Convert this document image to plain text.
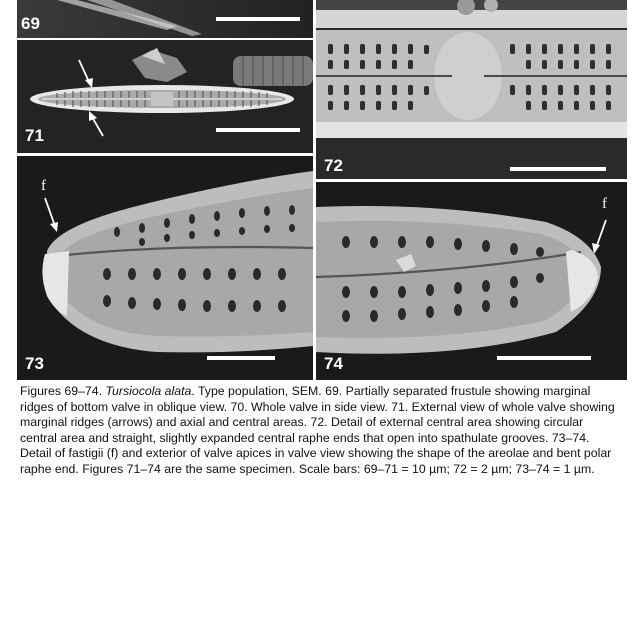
69
71
72
f
73
f
74
Figures 69–74. Tursiocola alata. Type population, SEM. 69. Partially separated frustule showing marginal ridges of bottom valve in oblique view. 70. Whole valve in side view. 71. External view of whole valve showing marginal ridges (arrows) and axial and central areas. 72. Detail of external central area showing circular central area and straight, slightly expanded central raphe ends that open into spathulate grooves. 73–74. Detail of fastigii (f) and exterior of valve apices in valve view showing the shape of the areolae and bent polar raphe end. Figures 71–74 are the same specimen. Scale bars: 69–71 = 10 µm; 72 = 2 µm; 73–74 = 1 µm.
